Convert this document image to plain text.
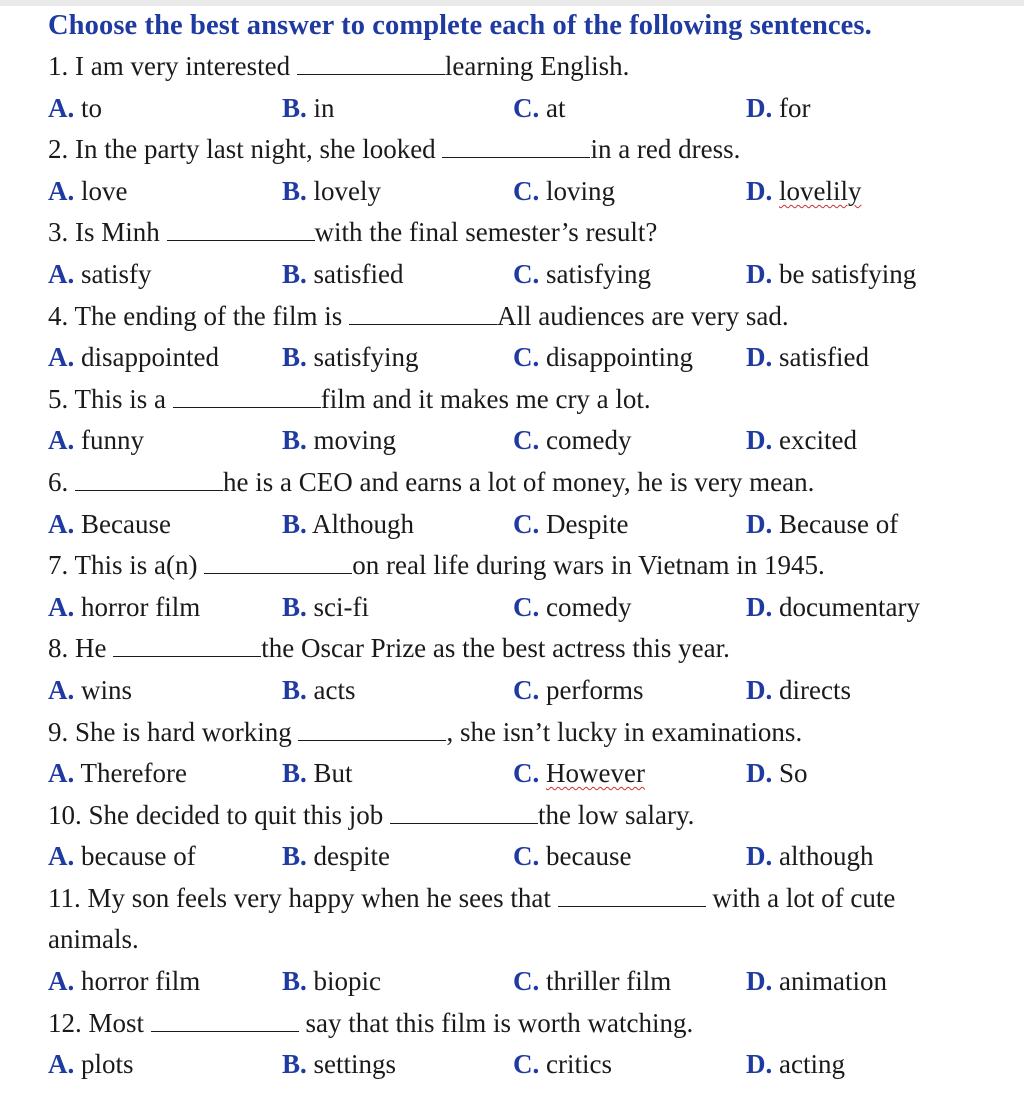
Choose the best answer to complete each of the following sentences.
1. I am very interested	learning English.
A. to	B. in	C. at	D. for
2. In the party last night, she looked	in a red dress.
A. love	B. lovely	C. loving	D. lovelily
3. Is Minh	with the final semester’s result?
A. satisfy	B. satisfied	C. satisfying	D. be satisfying
4. The ending of the film is	All audiences are very sad.
A. disappointed B. satisfying	C. disappointing D. satisfied
5. This is a	film and it makes me cry a lot.
A. funny	B. moving	C. comedy	D. excited
6.	he is a CEO and earns a lot of money, he is very mean.
A. Because	B. Although	C. Despite	D. Because of
7. This is a(n)	on real life during wars in Vietnam in 1945.
A. horror film	B. sci-fi	C. comedy	D. documentary
8. He	the Oscar Prize as the best actress this year.
A. wins	B. acts	C. performs	D. directs
9. She is hard working	, she isn’t lucky in examinations.
A. Therefore	B. But	C. However	D. So
10. She decided to quit this job	the low salary.
A. because of	B. despite	C. because	D. although
11. My son feels very happy when he sees that	with a lot of cute
animals.
A. horror film	B. biopic	C. thriller film	D. animation
12. Most	say that this film is worth watching.
A. plots	B. settings	C. critics	D. acting
